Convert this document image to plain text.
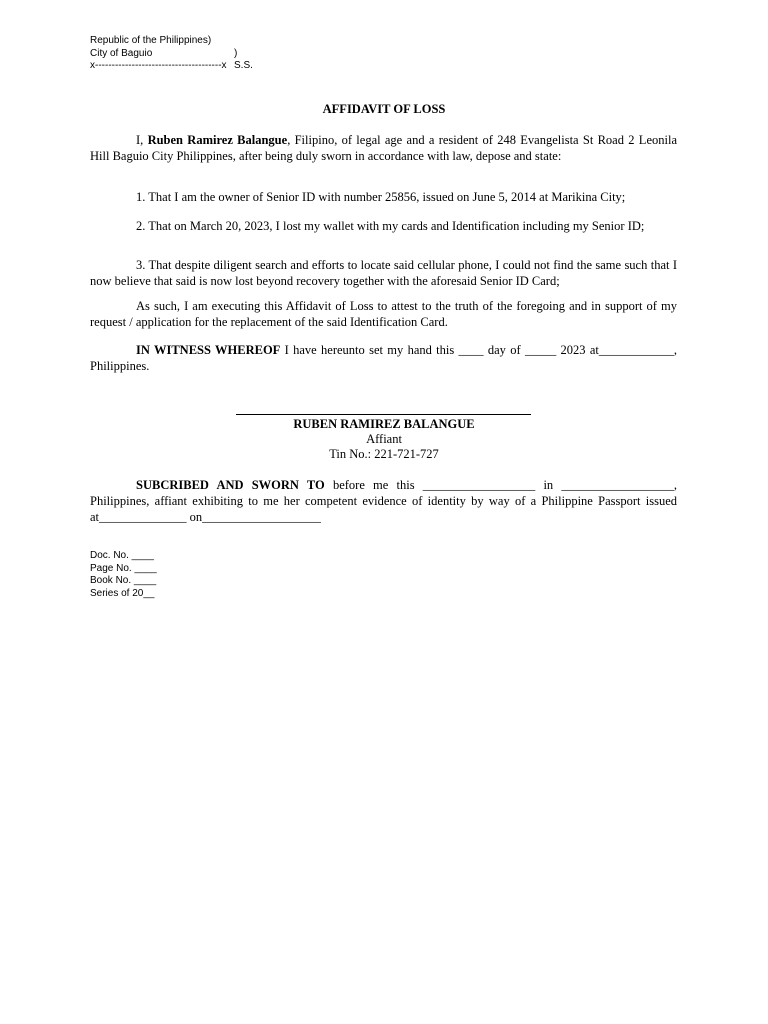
Republic of the Philippines)
City of Baguio	) S.S.
x--------------------------------------x
AFFIDAVIT OF LOSS

I, Ruben Ramirez Balangue, Filipino, of legal age and a resident of 248 Evangelista St Road 2 Leonila Hill Baguio City Philippines, after being duly sworn in accordance with law, depose and state:

1. That I am the owner of Senior ID with number 25856, issued on June 5, 2014 at Marikina City;

2. That on March 20, 2023, I lost my wallet with my cards and Identification including my Senior ID;

3. That despite diligent search and efforts to locate said cellular phone, I could not find the same such that I now believe that said is now lost beyond recovery together with the aforesaid Senior ID Card;

As such, I am executing this Affidavit of Loss to attest to the truth of the foregoing and in support of my request / application for the replacement of the said Identification Card.

IN WITNESS WHEREOF I have hereunto set my hand this ____ day of _____ 2023 at____________, Philippines.

RUBEN RAMIREZ BALANGUE
Affiant
Tin No.: 221-721-727

SUBCRIBED AND SWORN TO before me this __________________ in __________________, Philippines, affiant exhibiting to me her competent evidence of identity by way of a Philippine Passport issued at______________ on___________________

Doc. No. ____
Page No. ____
Book No. ____
Series of 20__
